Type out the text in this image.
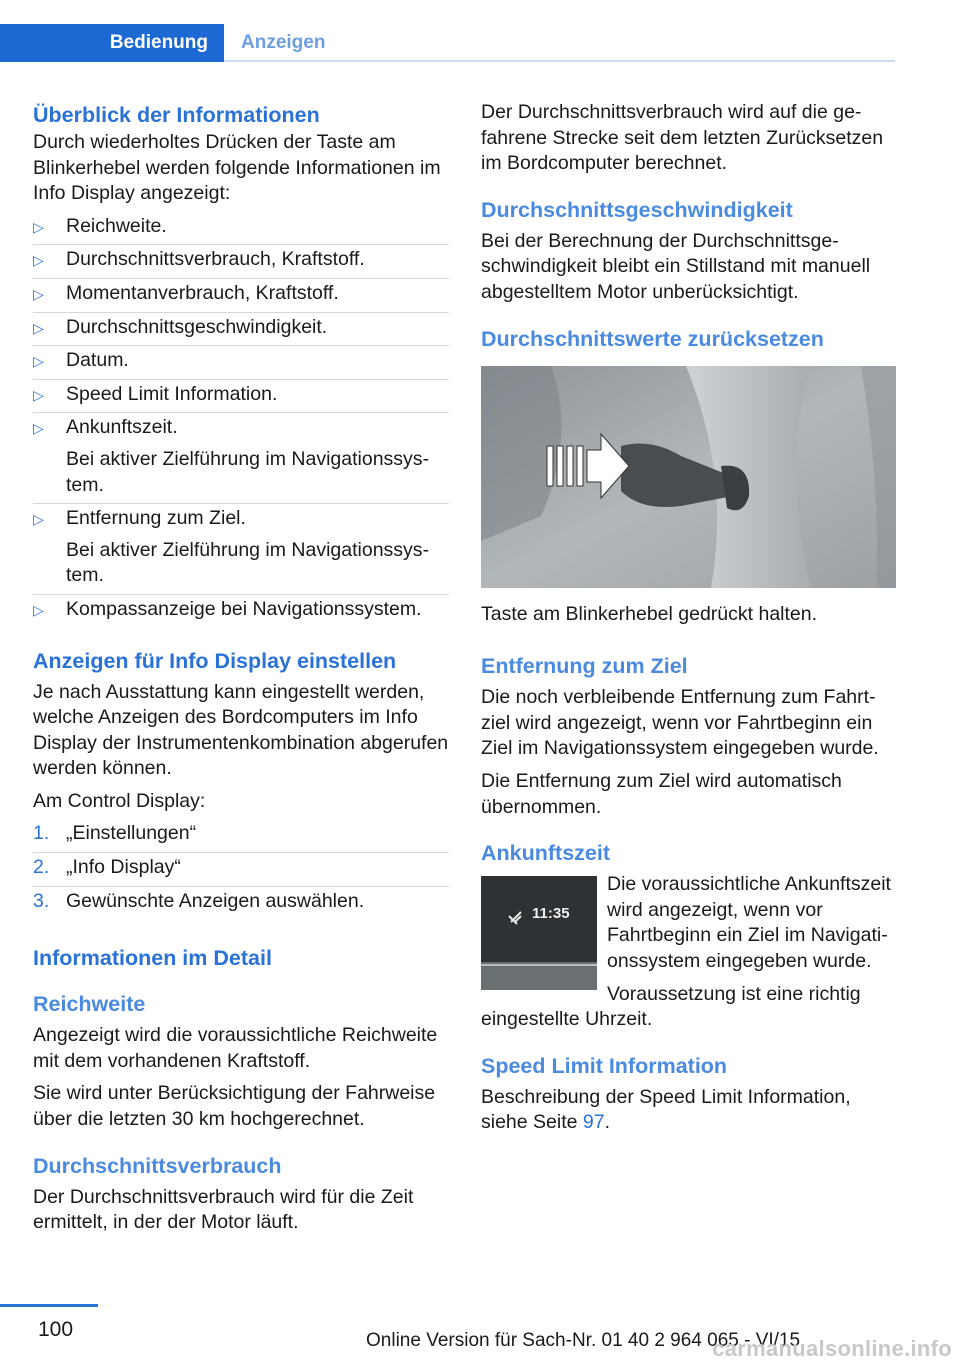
Bedienung	Anzeigen
Überblick der Informationen

Durch wiederholtes Drücken der Taste am Blinkerhebel werden folgende Informationen im Info Display angezeigt:

▷ Reichweite.
▷ Durchschnittsverbrauch, Kraftstoff.
▷ Momentanverbrauch, Kraftstoff.
▷ Durchschnittsgeschwindigkeit.
▷ Datum.
▷ Speed Limit Information.
▷ Ankunftszeit.
Bei aktiver Zielführung im Navigationssystem.
▷ Entfernung zum Ziel.
Bei aktiver Zielführung im Navigationssystem.
▷ Kompassanzeige bei Navigationssystem.
Anzeigen für Info Display einstellen

Je nach Ausstattung kann eingestellt werden, welche Anzeigen des Bordcomputers im Info Display der Instrumentenkombination abgerufen werden können.

Am Control Display:

1. „Einstellungen“
2. „Info Display“
3. Gewünschte Anzeigen auswählen.
Informationen im Detail
Reichweite

Angezeigt wird die voraussichtliche Reichweite mit dem vorhandenen Kraftstoff.

Sie wird unter Berücksichtigung der Fahrweise über die letzten 30 km hochgerechnet.

Durchschnittsverbrauch

Der Durchschnittsverbrauch wird für die Zeit ermittelt, in der der Motor läuft.

Der Durchschnittsverbrauch wird auf die gefahrene Strecke seit dem letzten Zurücksetzen im Bordcomputer berechnet.

Durchschnittsgeschwindigkeit

Bei der Berechnung der Durchschnittsgeschwindigkeit bleibt ein Stillstand mit manuell abgestelltem Motor unberücksichtigt.

Durchschnittswerte zurücksetzen

Taste am Blinkerhebel gedrückt halten.

Entfernung zum Ziel

Die noch verbleibende Entfernung zum Fahrtziel wird angezeigt, wenn vor Fahrtbeginn ein Ziel im Navigationssystem eingegeben wurde.

Die Entfernung zum Ziel wird automatisch übernommen.

Ankunftszeit
11:35

Die voraussichtliche Ankunftszeit wird angezeigt, wenn vor Fahrtbeginn ein Ziel im Navigationssystem eingegeben wurde.

Voraussetzung ist eine richtig eingestellte Uhrzeit.

Speed Limit Information

Beschreibung der Speed Limit Information, siehe Seite 97.

100	Online Version für Sach-Nr. 01 40 2 964 065 - VI/15
carmanualsonline.info
